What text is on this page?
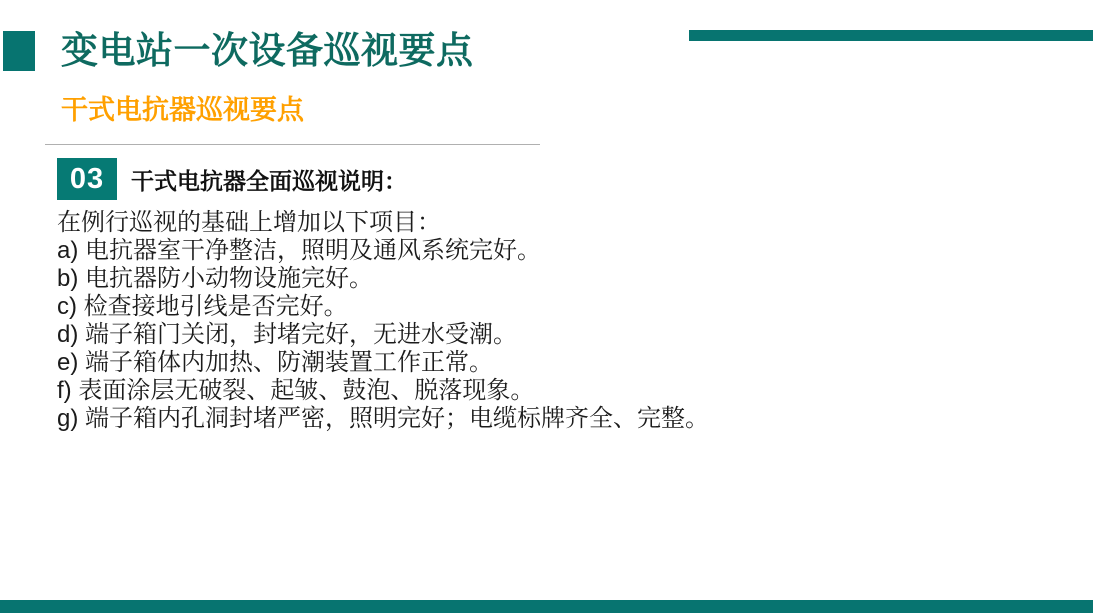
变电站一次设备巡视要点
干式电抗器巡视要点
03	干式电抗器全面巡视说明：
在例行巡视的基础上增加以下项目：
a) 电抗器室干净整洁，照明及通风系统完好。
b) 电抗器防小动物设施完好。
c) 检查接地引线是否完好。
d) 端子箱门关闭，封堵完好，无进水受潮。
e) 端子箱体内加热、防潮装置工作正常。
f) 表面涂层无破裂、起皱、鼓泡、脱落现象。
g) 端子箱内孔洞封堵严密，照明完好；电缆标牌齐全、完整。
